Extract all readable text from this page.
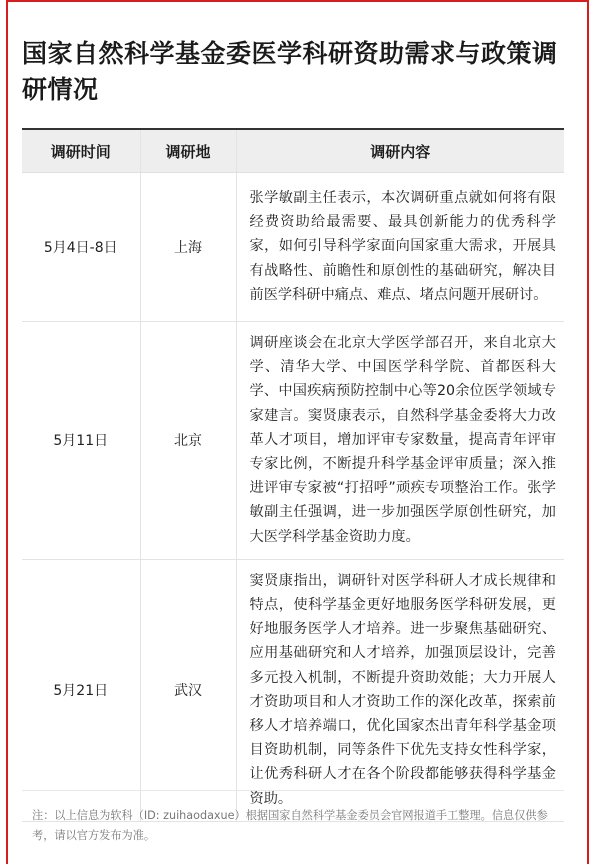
国家自然科学基金委医学科研资助需求与政策调研情况
调研时间	调研地	调研内容
5月4日-8日	上海	张学敏副主任表示，本次调研重点就如何将有限经费资助给最需要、最具创新能力的优秀科学家，如何引导科学家面向国家重大需求，开展具有战略性、前瞻性和原创性的基础研究，解决目前医学科研中痛点、难点、堵点问题开展研讨。
5月11日	北京	调研座谈会在北京大学医学部召开，来自北京大学、清华大学、中国医学科学院、首都医科大学、中国疾病预防控制中心等20余位医学领域专家建言。窦贤康表示，自然科学基金委将大力改革人才项目，增加评审专家数量，提高青年评审专家比例，不断提升科学基金评审质量；深入推进评审专家被“打招呼”顽疾专项整治工作。张学敏副主任强调，进一步加强医学原创性研究，加大医学科学基金资助力度。
5月21日	武汉	窦贤康指出，调研针对医学科研人才成长规律和特点，使科学基金更好地服务医学科研发展，更好地服务医学人才培养。进一步聚焦基础研究、应用基础研究和人才培养，加强顶层设计，完善多元投入机制，不断提升资助效能；大力开展人才资助项目和人才资助工作的深化改革，探索前移人才培养端口，优化国家杰出青年科学基金项目资助机制，同等条件下优先支持女性科学家，让优秀科研人才在各个阶段都能够获得科学基金资助。

注：以上信息为软科（ID: zuihaodaxue）根据国家自然科学基金委员会官网报道手工整理。信息仅供参考，请以官方发布为准。
